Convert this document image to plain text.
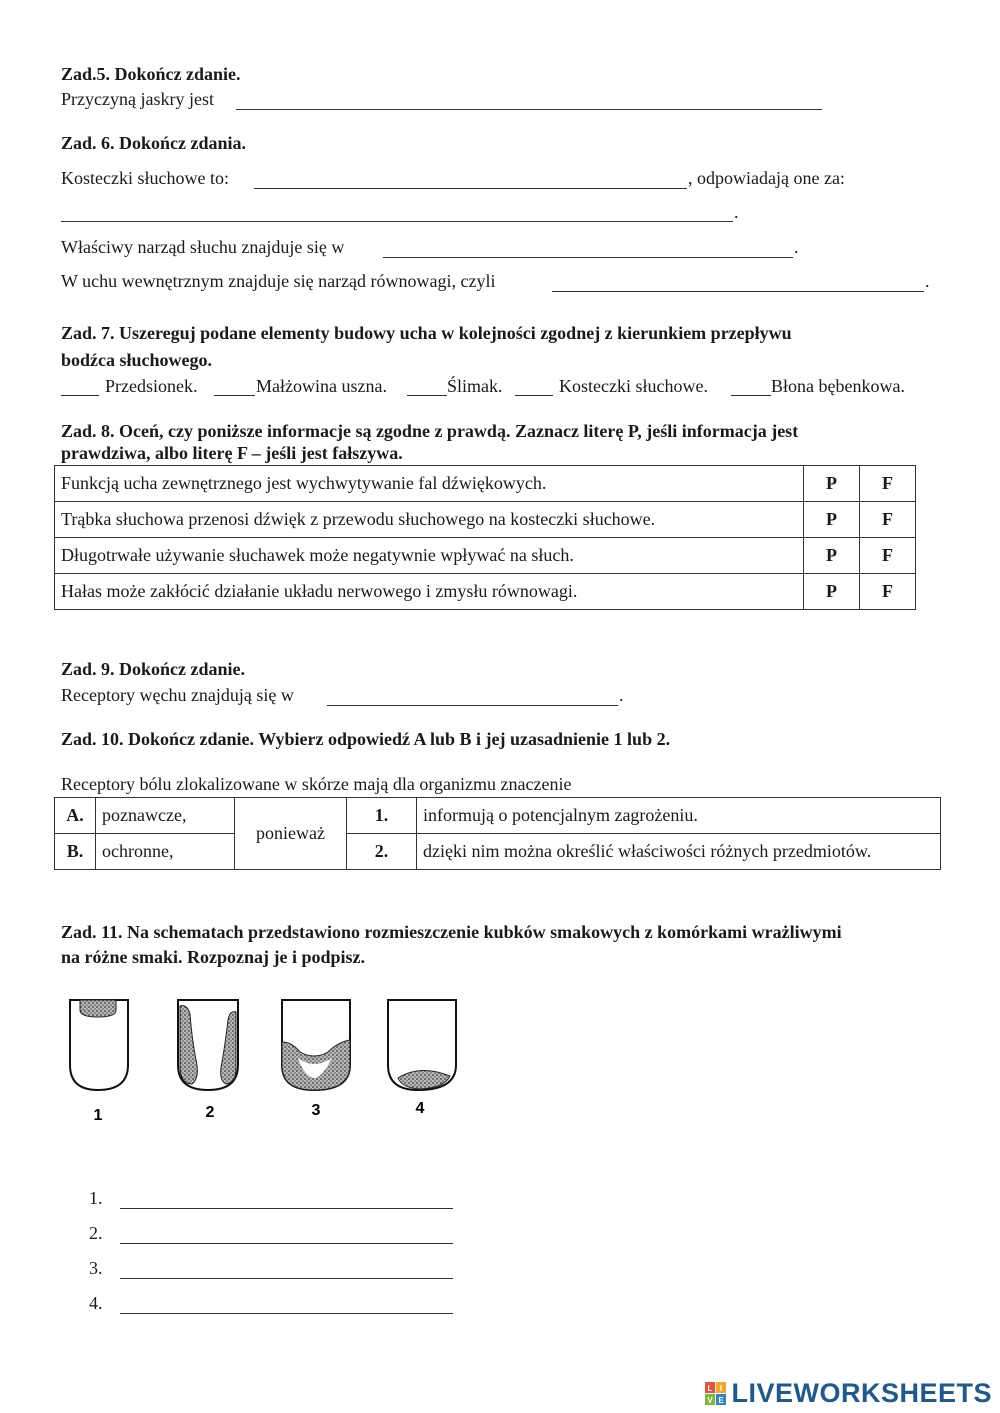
Zad.5. Dokończ zdanie.
Przyczyną jaskry jest
Zad. 6. Dokończ zdania.
Kosteczki słuchowe to:	, odpowiadają one za:
.
Właściwy narząd słuchu znajduje się w	.
W uchu wewnętrznym znajduje się narząd równowagi, czyli	.
Zad. 7. Uszereguj podane elementy budowy ucha w kolejności zgodnej z kierunkiem przepływu
bodźca słuchowego.
Przedsionek.	Małżowina uszna.	Ślimak.	Kosteczki słuchowe.	Błona bębenkowa.
Zad. 8. Oceń, czy poniższe informacje są zgodne z prawdą. Zaznacz literę P, jeśli informacja jest
prawdziwa, albo literę F – jeśli jest fałszywa.
Funkcją ucha zewnętrznego jest wychwytywanie fal dźwiękowych.	P	F
Trąbka słuchowa przenosi dźwięk z przewodu słuchowego na kosteczki słuchowe.	P	F
Długotrwałe używanie słuchawek może negatywnie wpływać na słuch.	P	F
Hałas może zakłócić działanie układu nerwowego i zmysłu równowagi.	P	F
Zad. 9. Dokończ zdanie.
Receptory węchu znajdują się w	.
Zad. 10. Dokończ zdanie. Wybierz odpowiedź A lub B i jej uzasadnienie 1 lub 2.
Receptory bólu zlokalizowane w skórze mają dla organizmu znaczenie
A.	poznawcze,	ponieważ	1.	informują o potencjalnym zagrożeniu.
B.	ochronne,		2.	dzięki nim można określić właściwości różnych przedmiotów.
Zad. 11. Na schematach przedstawiono rozmieszczenie kubków smakowych z komórkami wrażliwymi
na różne smaki. Rozpoznaj je i podpisz.
1	2	3	4
1.
2.
3.
4.
L I
V E LIVEWORKSHEETS
